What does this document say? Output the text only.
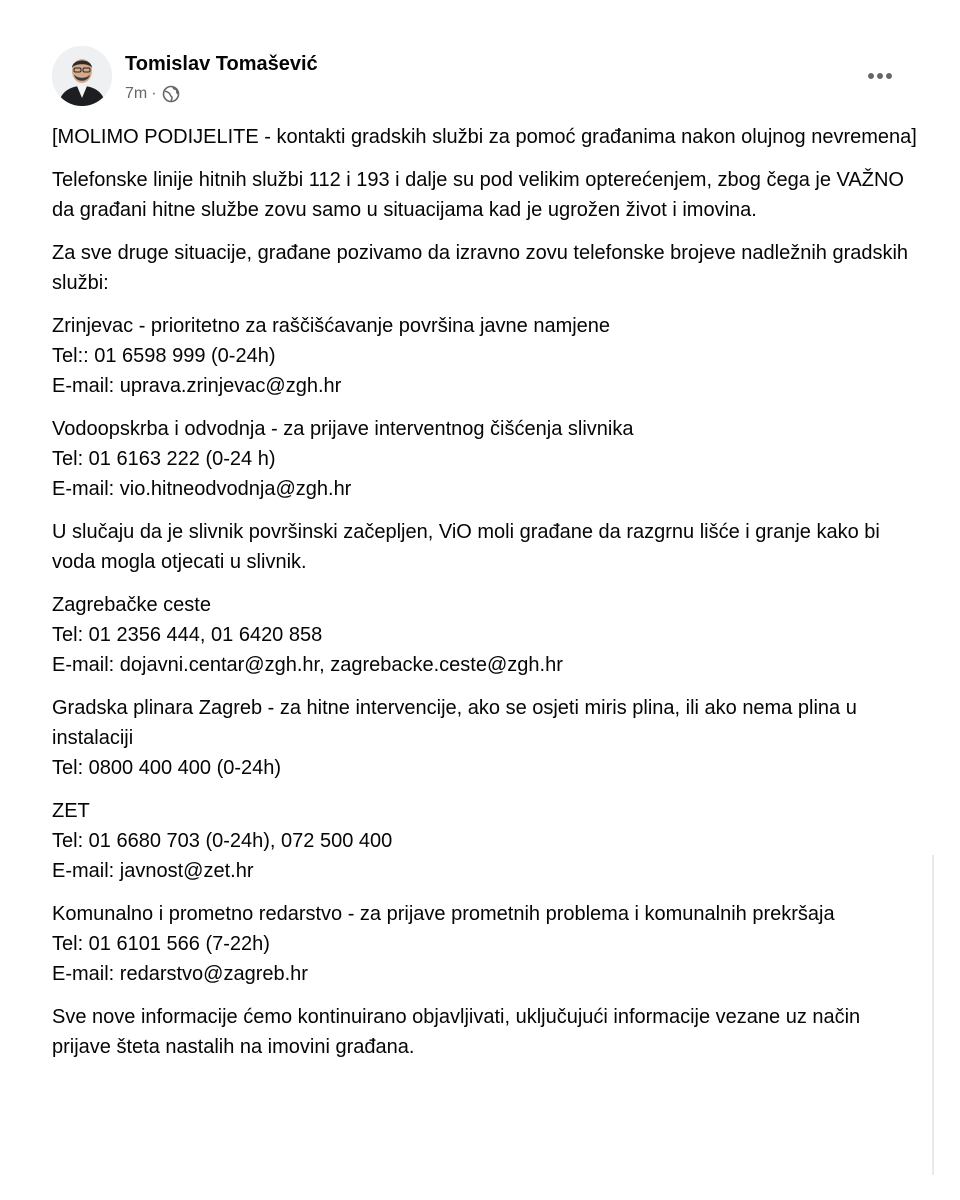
Tomislav Tomašević
7m ·
[MOLIMO PODIJELITE - kontakti gradskih službi za pomoć građanima nakon olujnog nevremena]
Telefonske linije hitnih službi 112 i 193 i dalje su pod velikim opterećenjem, zbog čega je VAŽNO da građani hitne službe zovu samo u situacijama kad je ugrožen život i imovina.
Za sve druge situacije, građane pozivamo da izravno zovu telefonske brojeve nadležnih gradskih službi:
Zrinjevac - prioritetno za raščišćavanje površina javne namjene
Tel:: 01 6598 999 (0-24h)
E-mail: uprava.zrinjevac@zgh.hr
Vodoopskrba i odvodnja - za prijave interventnog čišćenja slivnika
Tel: 01 6163 222 (0-24 h)
E-mail: vio.hitneodvodnja@zgh.hr
U slučaju da je slivnik površinski začepljen, ViO moli građane da razgrnu lišće i granje kako bi voda mogla otjecati u slivnik.
Zagrebačke ceste
Tel: 01 2356 444, 01 6420 858
E-mail: dojavni.centar@zgh.hr, zagrebacke.ceste@zgh.hr
Gradska plinara Zagreb - za hitne intervencije, ako se osjeti miris plina, ili ako nema plina u instalaciji
Tel: 0800 400 400 (0-24h)
ZET
Tel: 01 6680 703 (0-24h), 072 500 400
E-mail: javnost@zet.hr
Komunalno i prometno redarstvo - za prijave prometnih problema i komunalnih prekršaja
Tel: 01 6101 566 (7-22h)
E-mail: redarstvo@zagreb.hr
Sve nove informacije ćemo kontinuirano objavljivati, uključujući informacije vezane uz način prijave šteta nastalih na imovini građana.
